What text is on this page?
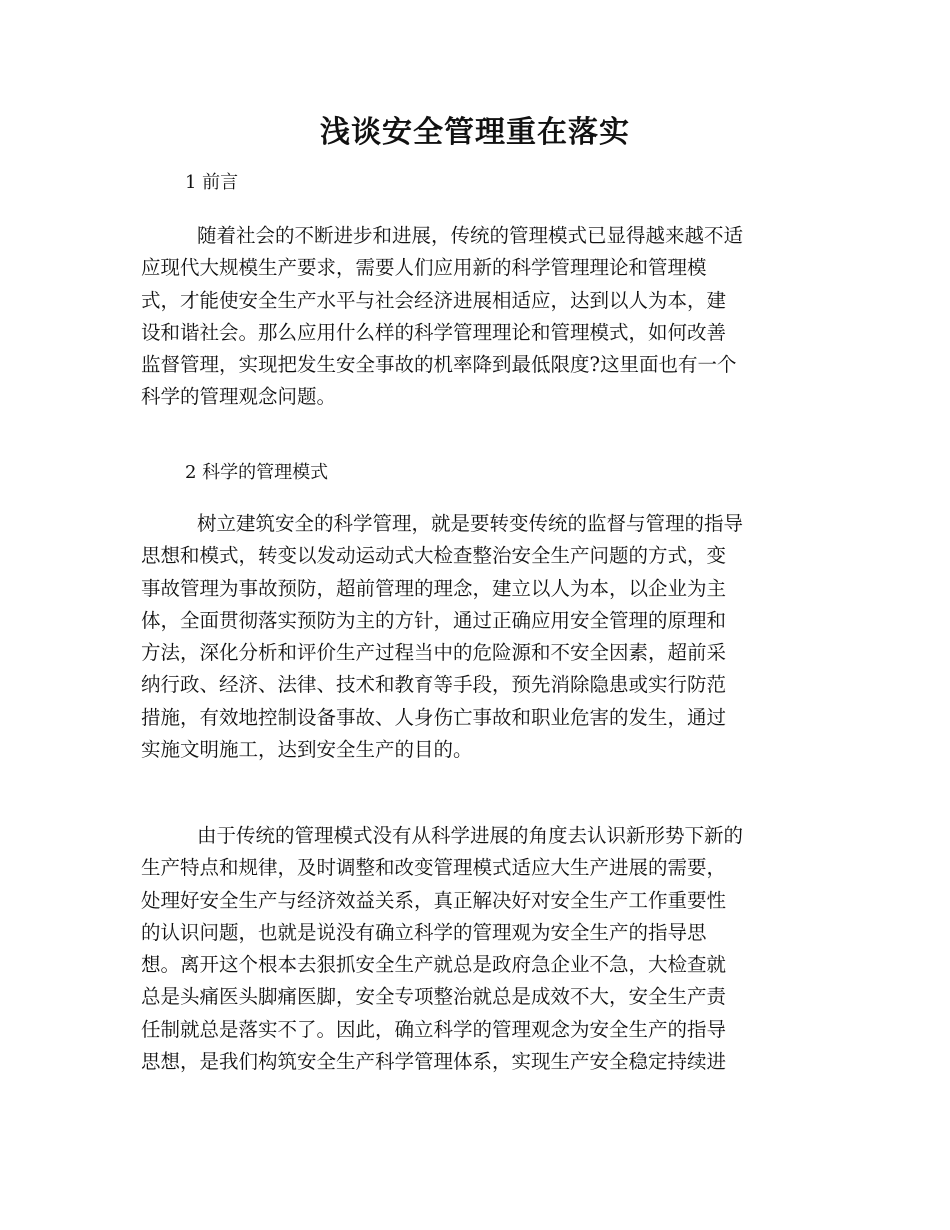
浅谈安全管理重在落实
1 前言
随着社会的不断进步和进展，传统的管理模式已显得越来越不适
应现代大规模生产要求，需要人们应用新的科学管理理论和管理模
式，才能使安全生产水平与社会经济进展相适应，达到以人为本，建
设和谐社会。那么应用什么样的科学管理理论和管理模式，如何改善
监督管理，实现把发生安全事故的机率降到最低限度?这里面也有一个
科学的管理观念问题。
2 科学的管理模式
树立建筑安全的科学管理，就是要转变传统的监督与管理的指导
思想和模式，转变以发动运动式大检查整治安全生产问题的方式，变
事故管理为事故预防，超前管理的理念，建立以人为本，以企业为主
体，全面贯彻落实预防为主的方针，通过正确应用安全管理的原理和
方法，深化分析和评价生产过程当中的危险源和不安全因素，超前采
纳行政、经济、法律、技术和教育等手段，预先消除隐患或实行防范
措施，有效地控制设备事故、人身伤亡事故和职业危害的发生，通过
实施文明施工，达到安全生产的目的。
由于传统的管理模式没有从科学进展的角度去认识新形势下新的
生产特点和规律，及时调整和改变管理模式适应大生产进展的需要，
处理好安全生产与经济效益关系，真正解决好对安全生产工作重要性
的认识问题，也就是说没有确立科学的管理观为安全生产的指导思
想。离开这个根本去狠抓安全生产就总是政府急企业不急，大检查就
总是头痛医头脚痛医脚，安全专项整治就总是成效不大，安全生产责
任制就总是落实不了。因此，确立科学的管理观念为安全生产的指导
思想，是我们构筑安全生产科学管理体系，实现生产安全稳定持续进
